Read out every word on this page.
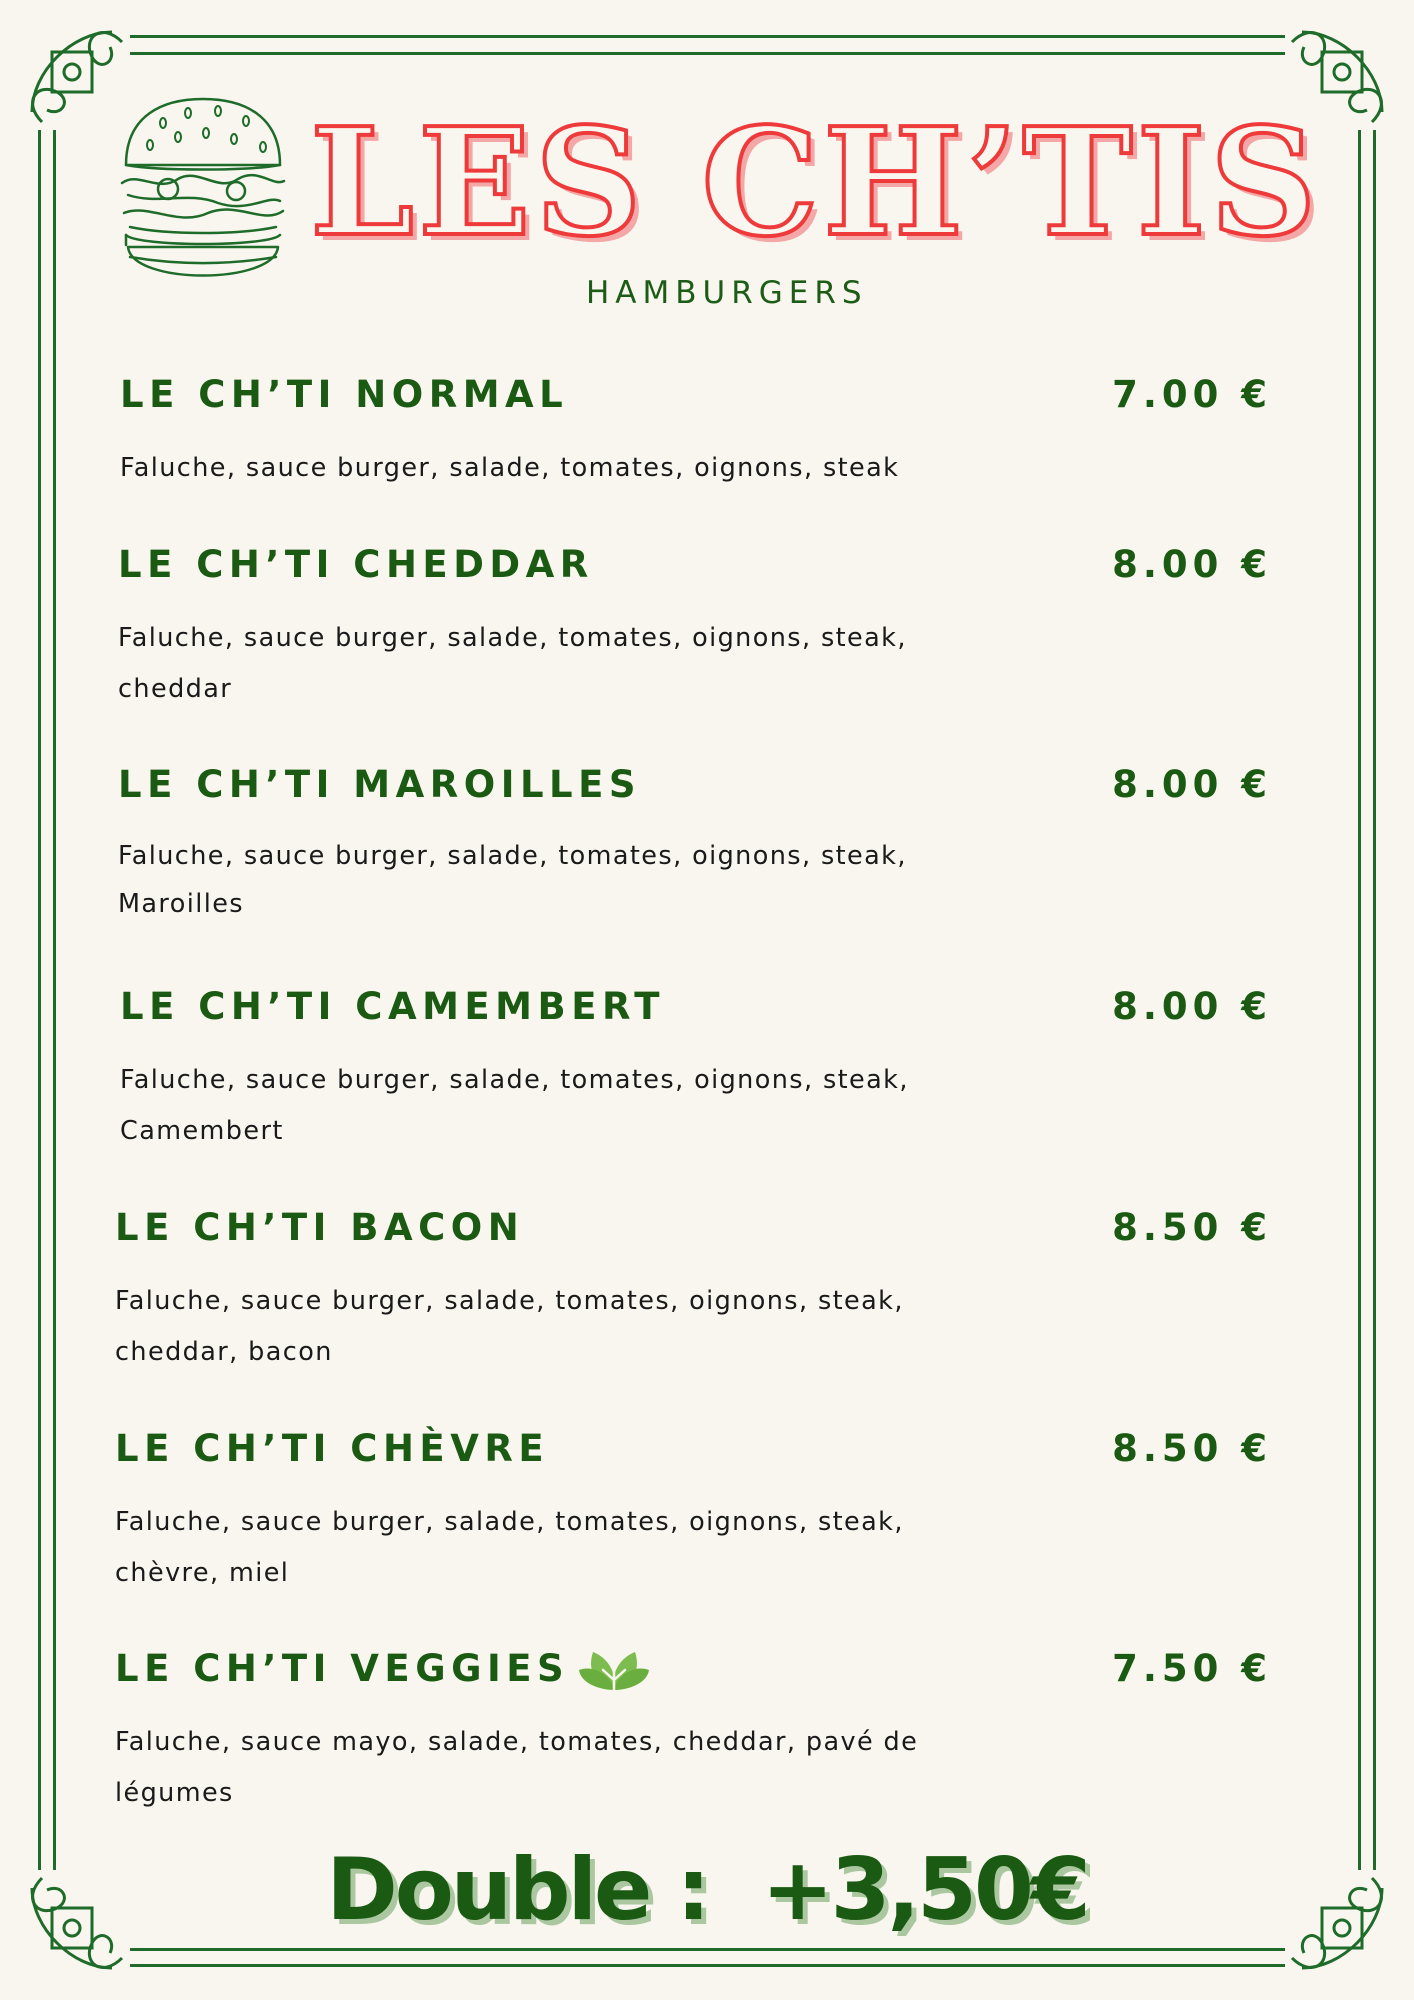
LES CH’TIS
HAMBURGERS
LE CH’TI NORMAL	7.00 €
Faluche, sauce burger, salade, tomates, oignons, steak
LE CH’TI CHEDDAR	8.00 €
Faluche, sauce burger, salade, tomates, oignons, steak, cheddar
LE CH’TI MAROILLES	8.00 €
Faluche, sauce burger, salade, tomates, oignons, steak, Maroilles
LE CH’TI CAMEMBERT	8.00 €
Faluche, sauce burger, salade, tomates, oignons, steak, Camembert
LE CH’TI BACON	8.50 €
Faluche, sauce burger, salade, tomates, oignons, steak, cheddar, bacon
LE CH’TI CHÈVRE	8.50 €
Faluche, sauce burger, salade, tomates, oignons, steak, chèvre, miel
LE CH’TI VEGGIES	7.50 €
Faluche, sauce mayo, salade, tomates, cheddar, pavé de légumes
Double :  +3,50€
